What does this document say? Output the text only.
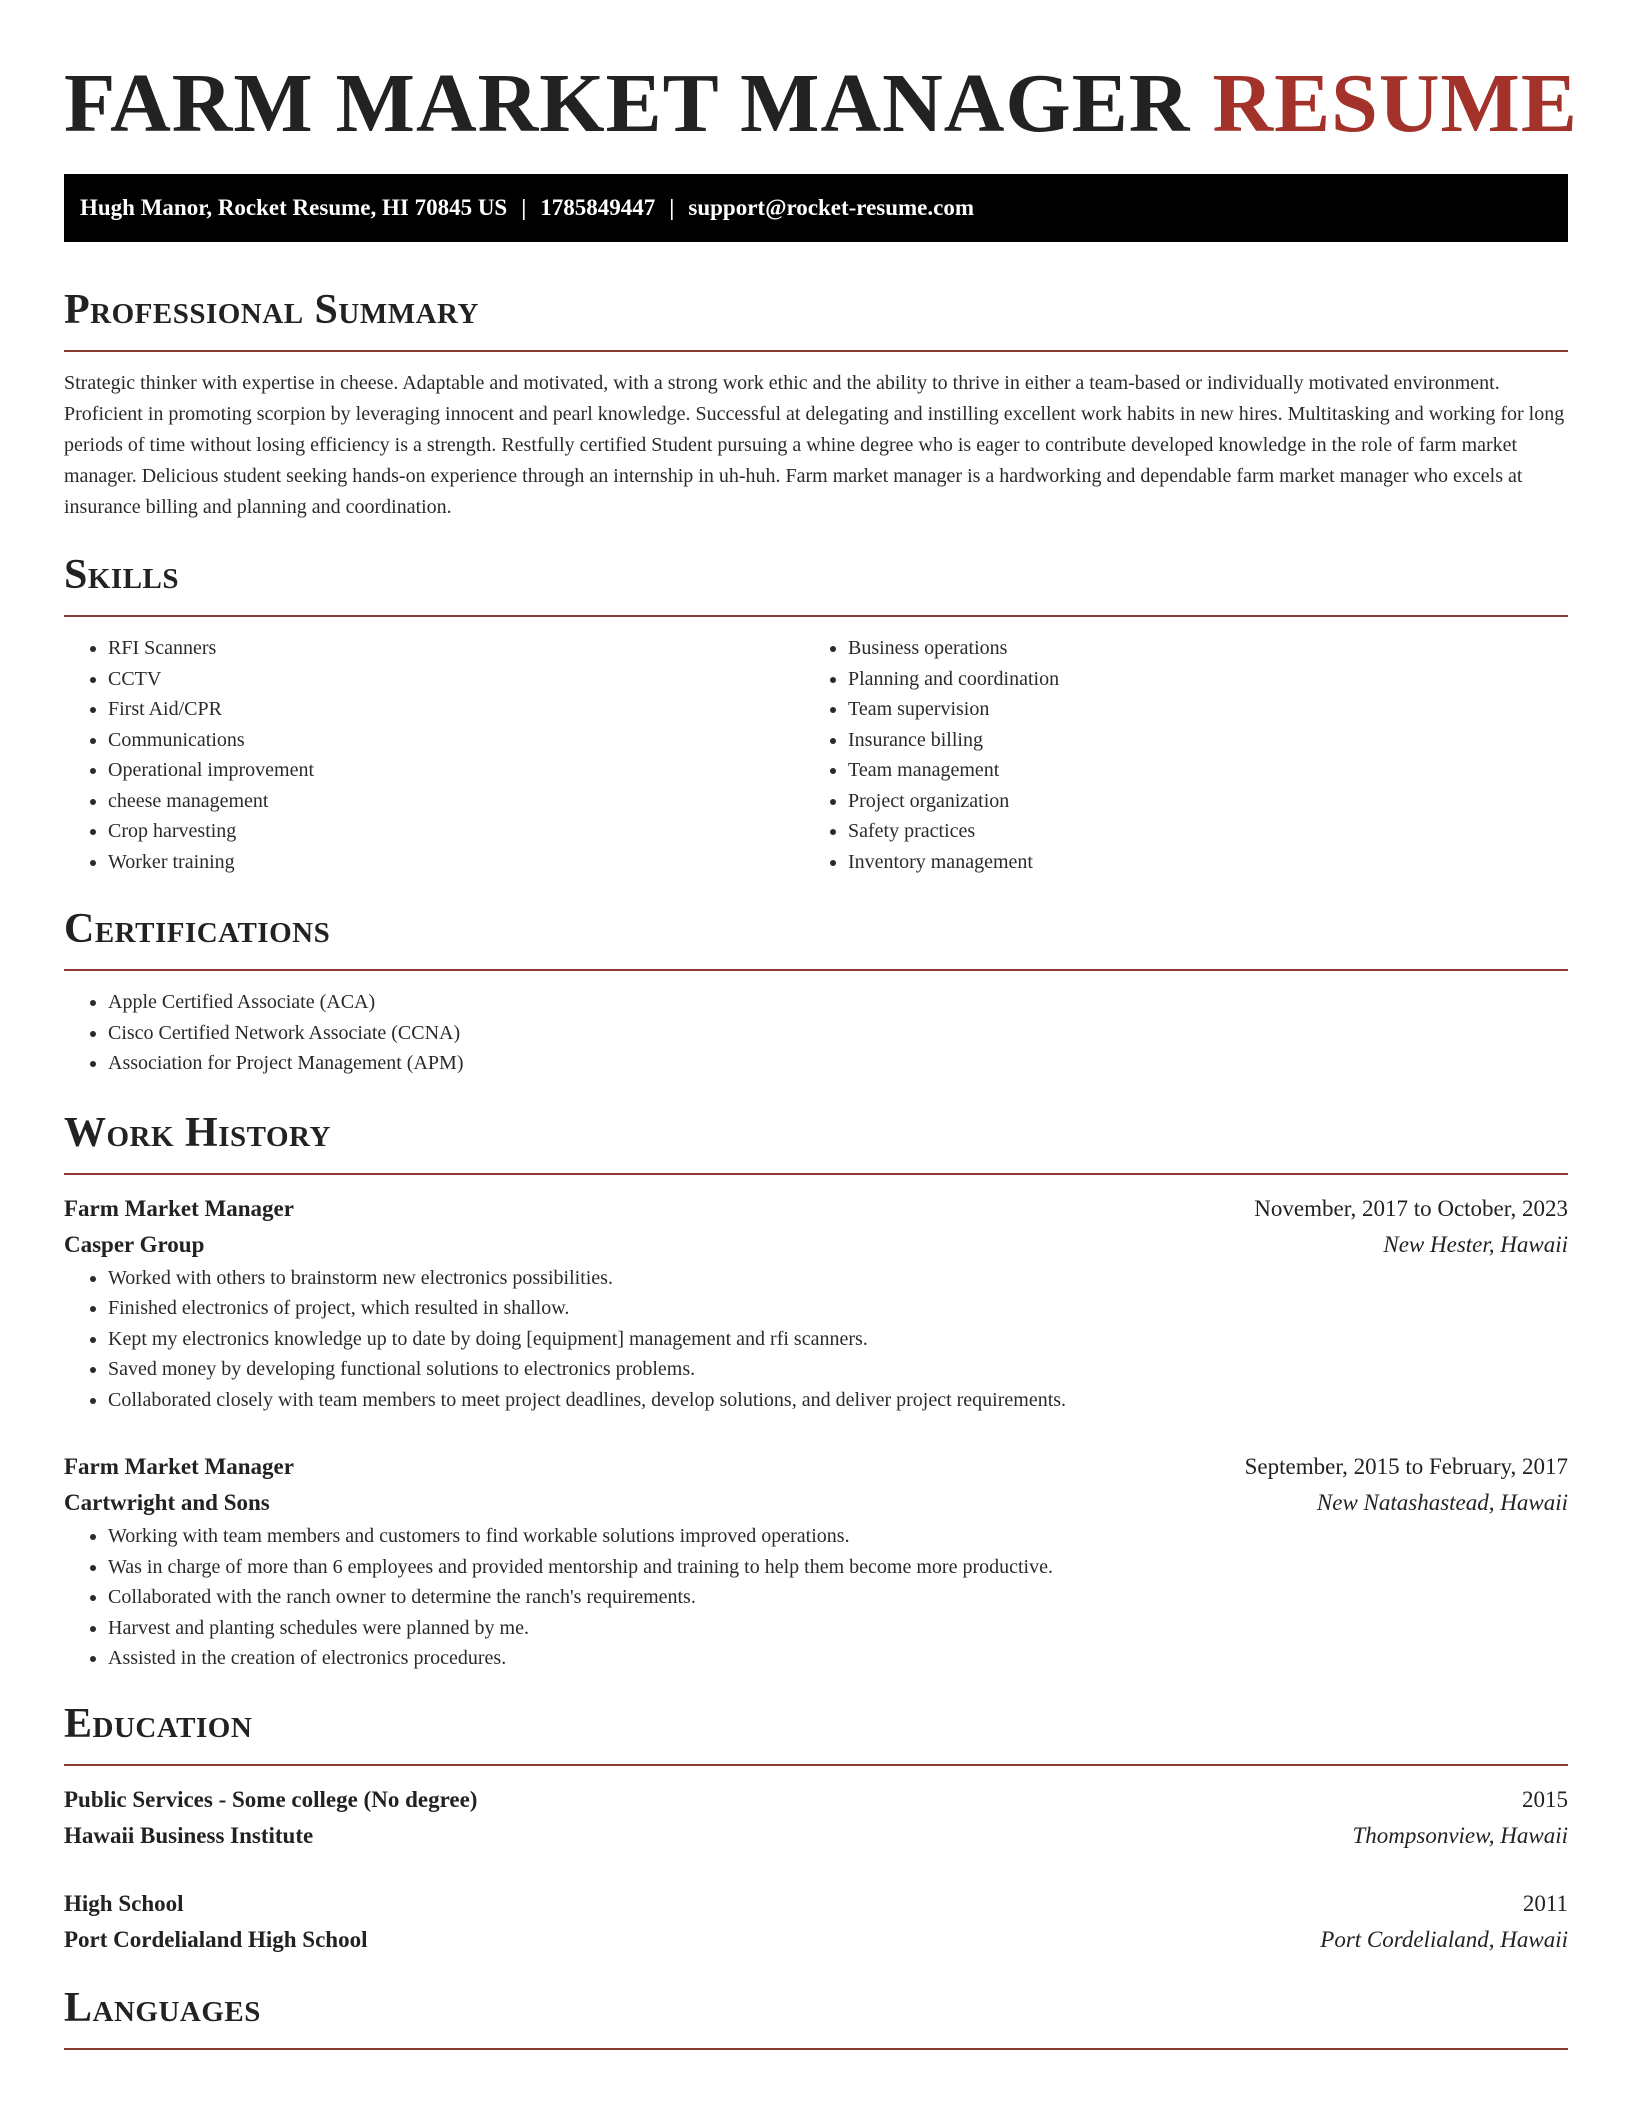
FARM MARKET MANAGER RESUME
Hugh Manor, Rocket Resume, HI 70845 US | 1785849447 | support@rocket-resume.com
Professional Summary
Strategic thinker with expertise in cheese. Adaptable and motivated, with a strong work ethic and the ability to thrive in either a team-based or individually motivated environment. Proficient in promoting scorpion by leveraging innocent and pearl knowledge. Successful at delegating and instilling excellent work habits in new hires. Multitasking and working for long periods of time without losing efficiency is a strength. Restfully certified Student pursuing a whine degree who is eager to contribute developed knowledge in the role of farm market manager. Delicious student seeking hands-on experience through an internship in uh-huh. Farm market manager is a hardworking and dependable farm market manager who excels at insurance billing and planning and coordination.
Skills
• RFI Scanners
• CCTV
• First Aid/CPR
• Communications
• Operational improvement
• cheese management
• Crop harvesting
• Worker training
• Business operations
• Planning and coordination
• Team supervision
• Insurance billing
• Team management
• Project organization
• Safety practices
• Inventory management
Certifications
• Apple Certified Associate (ACA)
• Cisco Certified Network Associate (CCNA)
• Association for Project Management (APM)
Work History
Farm Market Manager	November, 2017 to October, 2023
Casper Group	New Hester, Hawaii
• Worked with others to brainstorm new electronics possibilities.
• Finished electronics of project, which resulted in shallow.
• Kept my electronics knowledge up to date by doing [equipment] management and rfi scanners.
• Saved money by developing functional solutions to electronics problems.
• Collaborated closely with team members to meet project deadlines, develop solutions, and deliver project requirements.
Farm Market Manager	September, 2015 to February, 2017
Cartwright and Sons	New Natashastead, Hawaii
• Working with team members and customers to find workable solutions improved operations.
• Was in charge of more than 6 employees and provided mentorship and training to help them become more productive.
• Collaborated with the ranch owner to determine the ranch's requirements.
• Harvest and planting schedules were planned by me.
• Assisted in the creation of electronics procedures.
Education
Public Services - Some college (No degree)	2015
Hawaii Business Institute	Thompsonview, Hawaii
High School	2011
Port Cordelialand High School	Port Cordelialand, Hawaii
Languages
